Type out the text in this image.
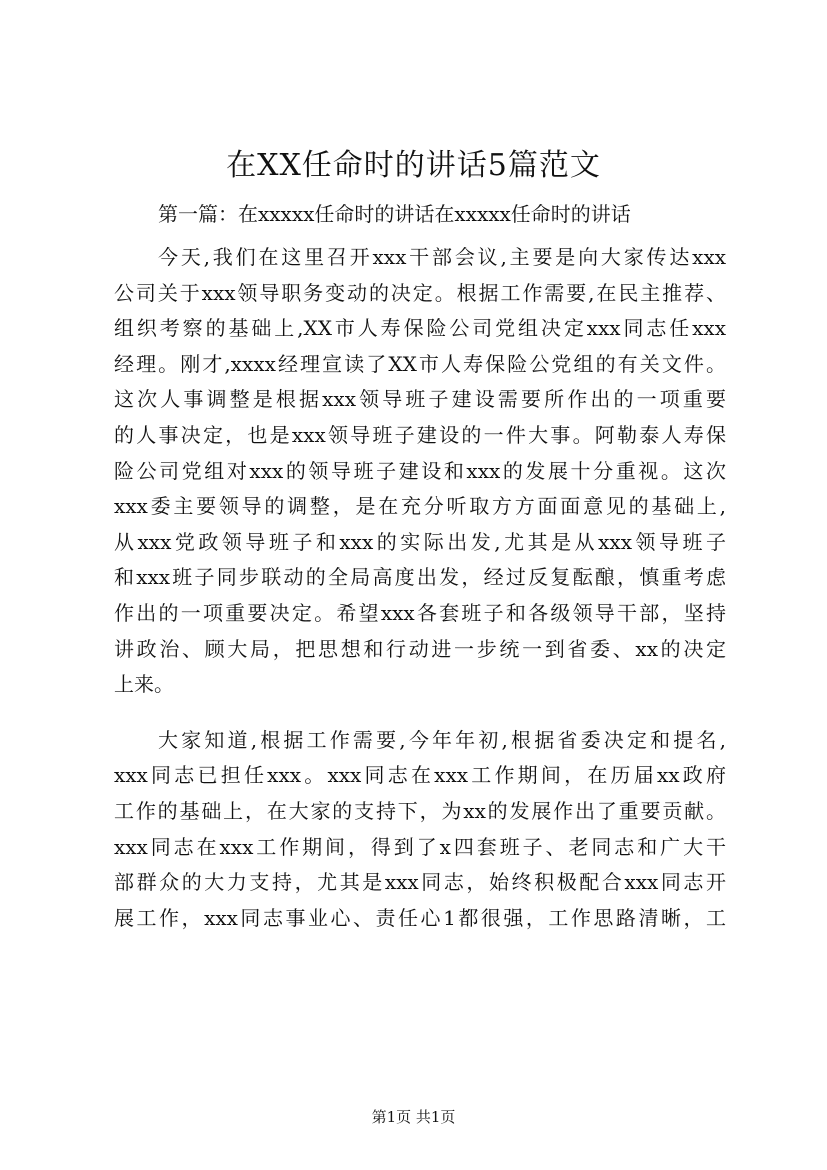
在XX任命时的讲话5篇范文

第一篇：在xxxxx任命时的讲话在xxxxx任命时的讲话

今天,我们在这里召开xxx干部会议,主要是向大家传达xxx
公司关于xxx领导职务变动的决定。根据工作需要,在民主推荐、
组织考察的基础上,XX市人寿保险公司党组决定xxx同志任xxx
经理。刚才,xxxx经理宣读了XX市人寿保险公党组的有关文件。
这次人事调整是根据xxx领导班子建设需要所作出的一项重要
的人事决定，也是xxx领导班子建设的一件大事。阿勒泰人寿保
险公司党组对xxx的领导班子建设和xxx的发展十分重视。这次
xxx委主要领导的调整，是在充分听取方方面面意见的基础上,
从xxx党政领导班子和xxx的实际出发,尤其是从xxx领导班子
和xxx班子同步联动的全局高度出发，经过反复酝酿，慎重考虑
作出的一项重要决定。希望xxx各套班子和各级领导干部，坚持
讲政治、顾大局，把思想和行动进一步统一到省委、xx的决定
上来。
大家知道,根据工作需要,今年年初,根据省委决定和提名,
xxx同志已担任xxx。xxx同志在xxx工作期间，在历届xx政府
工作的基础上，在大家的支持下，为xx的发展作出了重要贡献。
xxx同志在xxx工作期间，得到了x四套班子、老同志和广大干
部群众的大力支持，尤其是xxx同志，始终积极配合xxx同志开
展工作，xxx同志事业心、责任心1都很强，工作思路清晰，工
第1页 共1页
